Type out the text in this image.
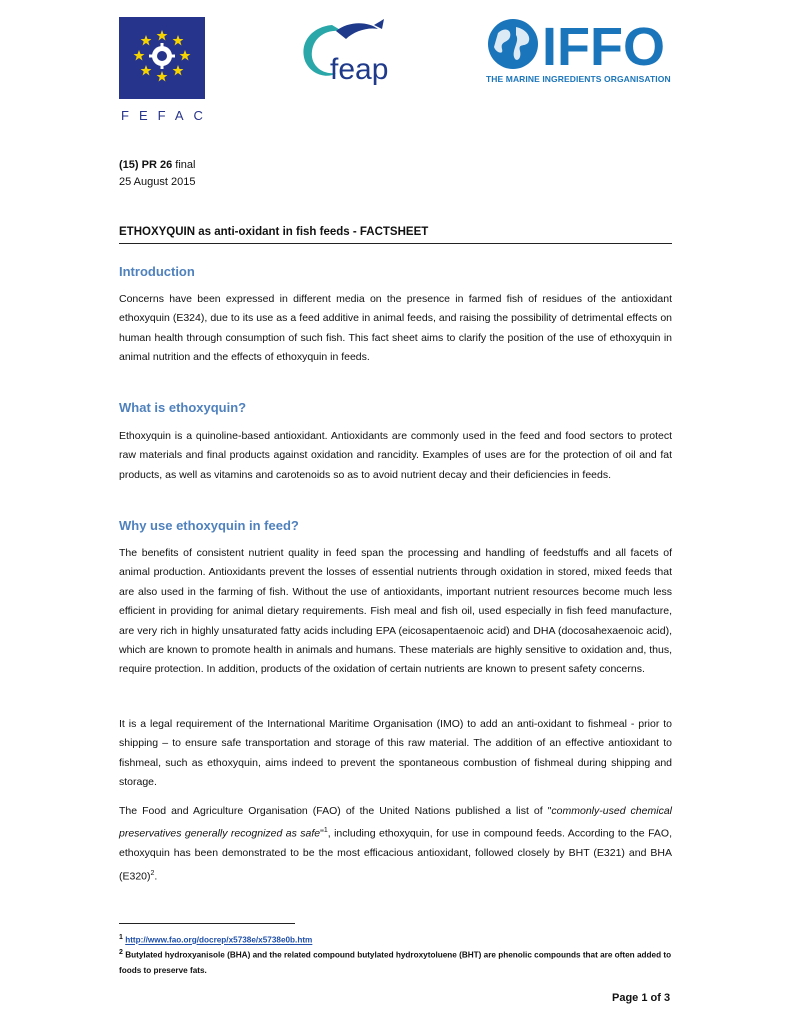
FEFAC
feap	IFFO
THE MARINE INGREDIENTS ORGANISATION
(15) PR 26 final
25 August 2015
ETHOXYQUIN as anti-oxidant in fish feeds - FACTSHEET
Introduction

Concerns have been expressed in different media on the presence in farmed fish of residues of the antioxidant ethoxyquin (E324), due to its use as a feed additive in animal feeds, and raising the possibility of detrimental effects on human health through consumption of such fish. This fact sheet aims to clarify the position of the use of ethoxyquin in animal nutrition and the effects of ethoxyquin in feeds.

What is ethoxyquin?

Ethoxyquin is a quinoline-based antioxidant. Antioxidants are commonly used in the feed and food sectors to protect raw materials and final products against oxidation and rancidity. Examples of uses are for the protection of oil and fat products, as well as vitamins and carotenoids so as to avoid nutrient decay and their deficiencies in feeds.

Why use ethoxyquin in feed?

The benefits of consistent nutrient quality in feed span the processing and handling of feedstuffs and all facets of animal production. Antioxidants prevent the losses of essential nutrients through oxidation in stored, mixed feeds that are also used in the farming of fish. Without the use of antioxidants, important nutrient resources become much less efficient in providing for animal dietary requirements. Fish meal and fish oil, used especially in fish feed manufacture, are very rich in highly unsaturated fatty acids including EPA (eicosapentaenoic acid) and DHA (docosahexaenoic acid), which are known to promote health in animals and humans. These materials are highly sensitive to oxidation and, thus, require protection. In addition, products of the oxidation of certain nutrients are known to present safety concerns.

It is a legal requirement of the International Maritime Organisation (IMO) to add an anti-oxidant to fishmeal - prior to shipping – to ensure safe transportation and storage of this raw material. The addition of an effective antioxidant to fishmeal, such as ethoxyquin, aims indeed to prevent the spontaneous combustion of fishmeal during shipping and storage.

The Food and Agriculture Organisation (FAO) of the United Nations published a list of "commonly-used chemical preservatives generally recognized as safe"$^1$, including ethoxyquin, for use in compound feeds. According to the FAO, ethoxyquin has been demonstrated to be the most efficacious antioxidant, followed closely by BHT (E321) and BHA $(E320)^2$.

$^1$ http://www.fao.org/docrep/x5738e/x5738e0b.htm
$^2$ Butylated hydroxyanisole (BHA) and the related compound butylated hydroxytoluene (BHT) are phenolic compounds that are often added to foods to preserve fats.
Page 1 of 3
